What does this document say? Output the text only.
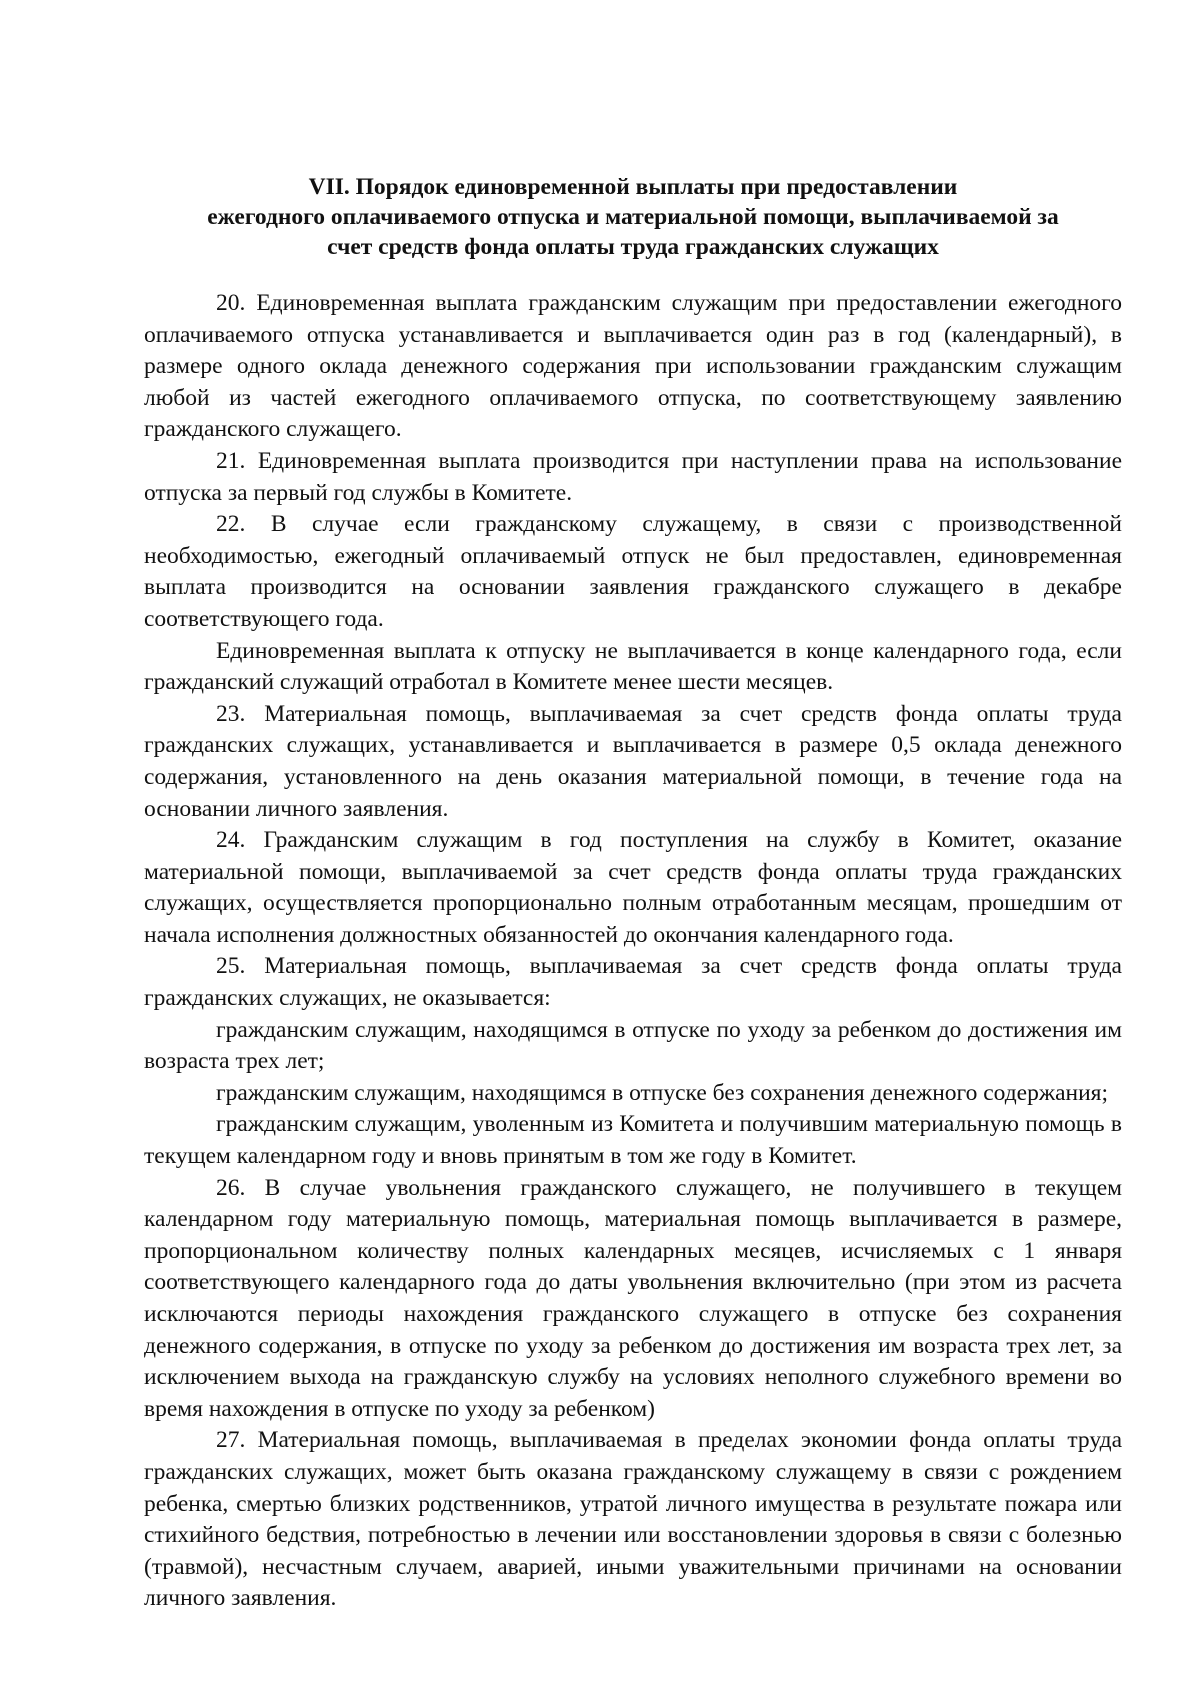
VII. Порядок единовременной выплаты при предоставлении
ежегодного оплачиваемого отпуска и материальной помощи, выплачиваемой за
счет средств фонда оплаты труда гражданских служащих

20. Единовременная выплата гражданским служащим при предоставлении ежегодного оплачиваемого отпуска устанавливается и выплачивается один раз в год (календарный), в размере одного оклада денежного содержания при использовании гражданским служащим любой из частей ежегодного оплачиваемого отпуска, по соответствующему заявлению гражданского служащего.

21. Единовременная выплата производится при наступлении права на использование отпуска за первый год службы в Комитете.

22. В случае если гражданскому служащему, в связи с производственной необходимостью, ежегодный оплачиваемый отпуск не был предоставлен, единовременная выплата производится на основании заявления гражданского служащего в декабре соответствующего года.

Единовременная выплата к отпуску не выплачивается в конце календарного года, если гражданский служащий отработал в Комитете менее шести месяцев.

23. Материальная помощь, выплачиваемая за счет средств фонда оплаты труда гражданских служащих, устанавливается и выплачивается в размере 0,5 оклада денежного содержания, установленного на день оказания материальной помощи, в течение года на основании личного заявления.

24. Гражданским служащим в год поступления на службу в Комитет, оказание материальной помощи, выплачиваемой за счет средств фонда оплаты труда гражданских служащих, осуществляется пропорционально полным отработанным месяцам, прошедшим от начала исполнения должностных обязанностей до окончания календарного года.

25. Материальная помощь, выплачиваемая за счет средств фонда оплаты труда гражданских служащих, не оказывается:

гражданским служащим, находящимся в отпуске по уходу за ребенком до достижения им возраста трех лет;

гражданским служащим, находящимся в отпуске без сохранения денежного содержания;

гражданским служащим, уволенным из Комитета и получившим материальную помощь в текущем календарном году и вновь принятым в том же году в Комитет.

26. В случае увольнения гражданского служащего, не получившего в текущем календарном году материальную помощь, материальная помощь выплачивается в размере, пропорциональном количеству полных календарных месяцев, исчисляемых с 1 января соответствующего календарного года до даты увольнения включительно (при этом из расчета исключаются периоды нахождения гражданского служащего в отпуске без сохранения денежного содержания, в отпуске по уходу за ребенком до достижения им возраста трех лет, за исключением выхода на гражданскую службу на условиях неполного служебного времени во время нахождения в отпуске по уходу за ребенком)

27. Материальная помощь, выплачиваемая в пределах экономии фонда оплаты труда гражданских служащих, может быть оказана гражданскому служащему в связи с рождением ребенка, смертью близких родственников, утратой личного имущества в результате пожара или стихийного бедствия, потребностью в лечении или восстановлении здоровья в связи с болезнью (травмой), несчастным случаем, аварией, иными уважительными причинами на основании личного заявления.
